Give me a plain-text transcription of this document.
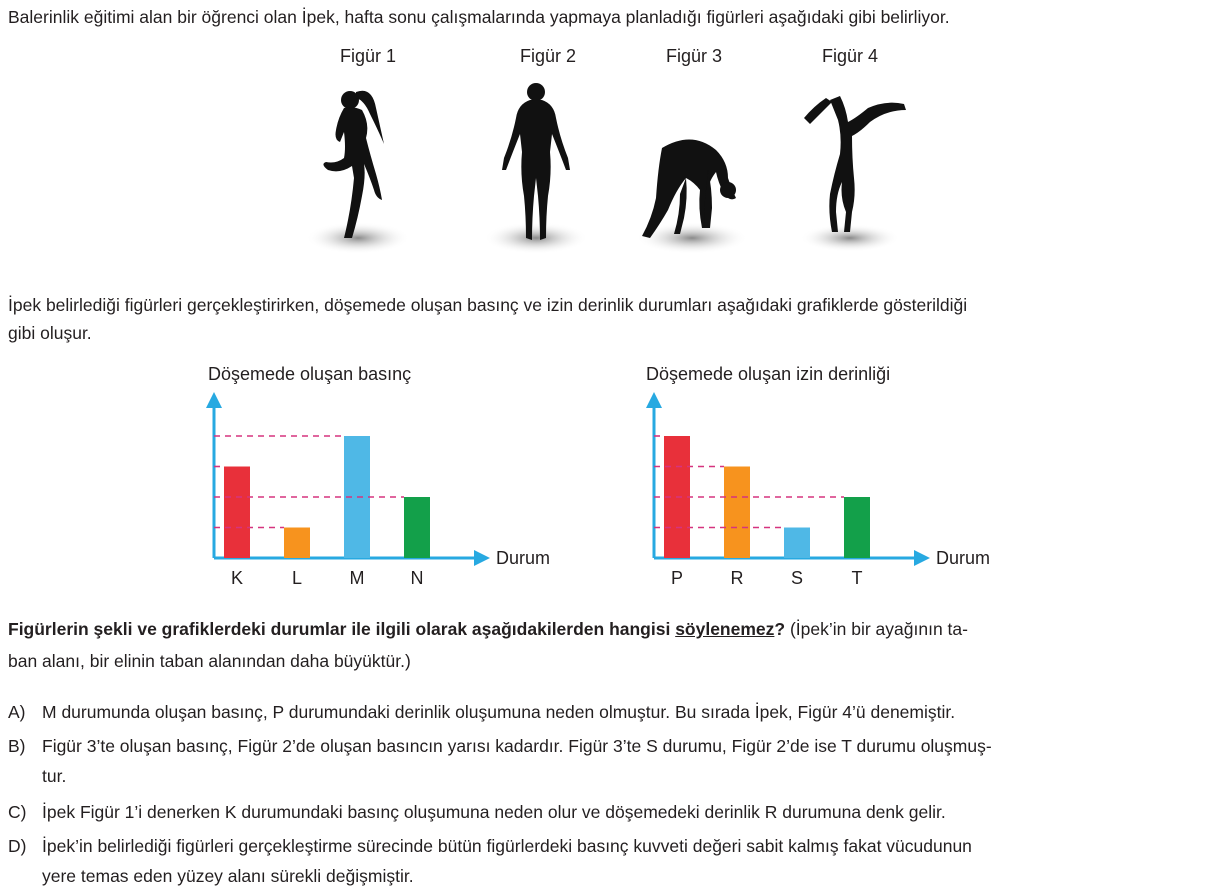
Balerinlik eğitimi alan bir öğrenci olan İpek, hafta sonu çalışmalarında yapmaya planladığı figürleri aşağıdaki gibi belirliyor.
Figür 1	Figür 2	Figür 3	Figür 4
İpek belirlediği figürleri gerçekleştirirken, döşemede oluşan basınç ve izin derinlik durumları aşağıdaki grafiklerde gösterildiği
gibi oluşur.
Döşemede oluşan basınç	Döşemede oluşan izin derinliği
Durum
K	L	M	N
Durum
P	R	S	T
Figürlerin şekli ve grafiklerdeki durumlar ile ilgili olarak aşağıdakilerden hangisi söylenemez? (İpek’in bir ayağının ta-
ban alanı, bir elinin taban alanından daha büyüktür.)
A) M durumunda oluşan basınç, P durumundaki derinlik oluşumuna neden olmuştur. Bu sırada İpek, Figür 4’ü denemiştir.
B) Figür 3’te oluşan basınç, Figür 2’de oluşan basıncın yarısı kadardır. Figür 3’te S durumu, Figür 2’de ise T durumu oluşmuş-
tur.
C) İpek Figür 1’i denerken K durumundaki basınç oluşumuna neden olur ve döşemedeki derinlik R durumuna denk gelir.
D) İpek’in belirlediği figürleri gerçekleştirme sürecinde bütün figürlerdeki basınç kuvveti değeri sabit kalmış fakat vücudunun
yere temas eden yüzey alanı sürekli değişmiştir.
